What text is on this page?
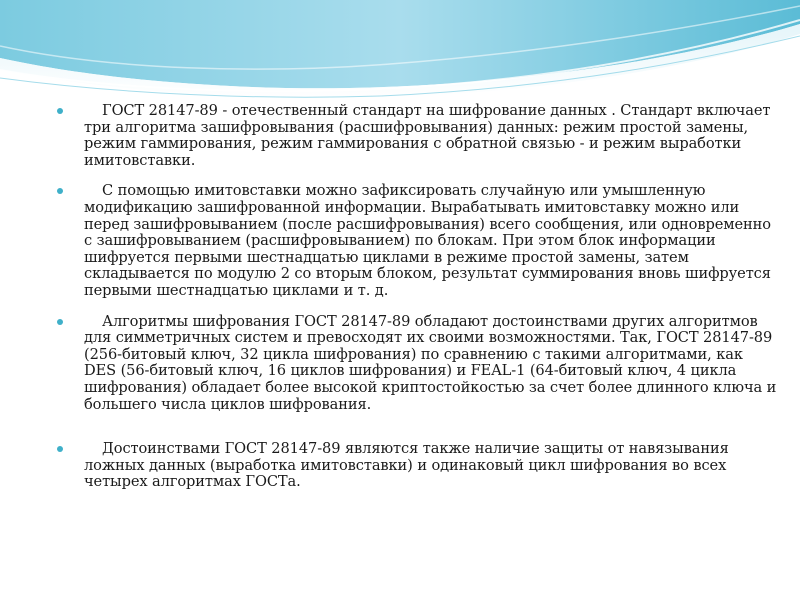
ГОСТ 28147-89 - отечественный стандарт на шифрование данных . Стандарт включает три алгоритма зашифровывания (расшифровывания) данных: режим простой замены, режим гаммирования, режим гаммирования с обратной связью - и режим выработки имитовставки.

С помощью имитовставки можно зафиксировать случайную или умышленную модификацию зашифрованной информации. Вырабатывать имитовставку можно или перед зашифровыванием (после расшифровывания) всего сообщения, или одновременно с зашифровыванием (расшифровыванием) по блокам. При этом блок информации шифруется первыми шестнадцатью циклами в режиме простой замены, затем складывается по модулю 2 со вторым блоком, результат суммирования вновь шифруется первыми шестнадцатью циклами и т. д.

Алгоритмы шифрования ГОСТ 28147-89 обладают достоинствами других алгоритмов для симметричных систем и превосходят их своими возможностями. Так, ГОСТ 28147-89 (256-битовый ключ, 32 цикла шифрования) по сравнению с такими алгоритмами, как DES (56-битовый ключ, 16 циклов шифрования) и FEAL-1 (64-битовый ключ, 4 цикла шифрования) обладает более высокой криптостойкостью за счет более длинного ключа и большего числа циклов шифрования.

Достоинствами ГОСТ 28147-89 являются также наличие защиты от навязывания ложных данных (выработка имитовставки) и одинаковый цикл шифрования во всех четырех алгоритмах ГОСТа.
